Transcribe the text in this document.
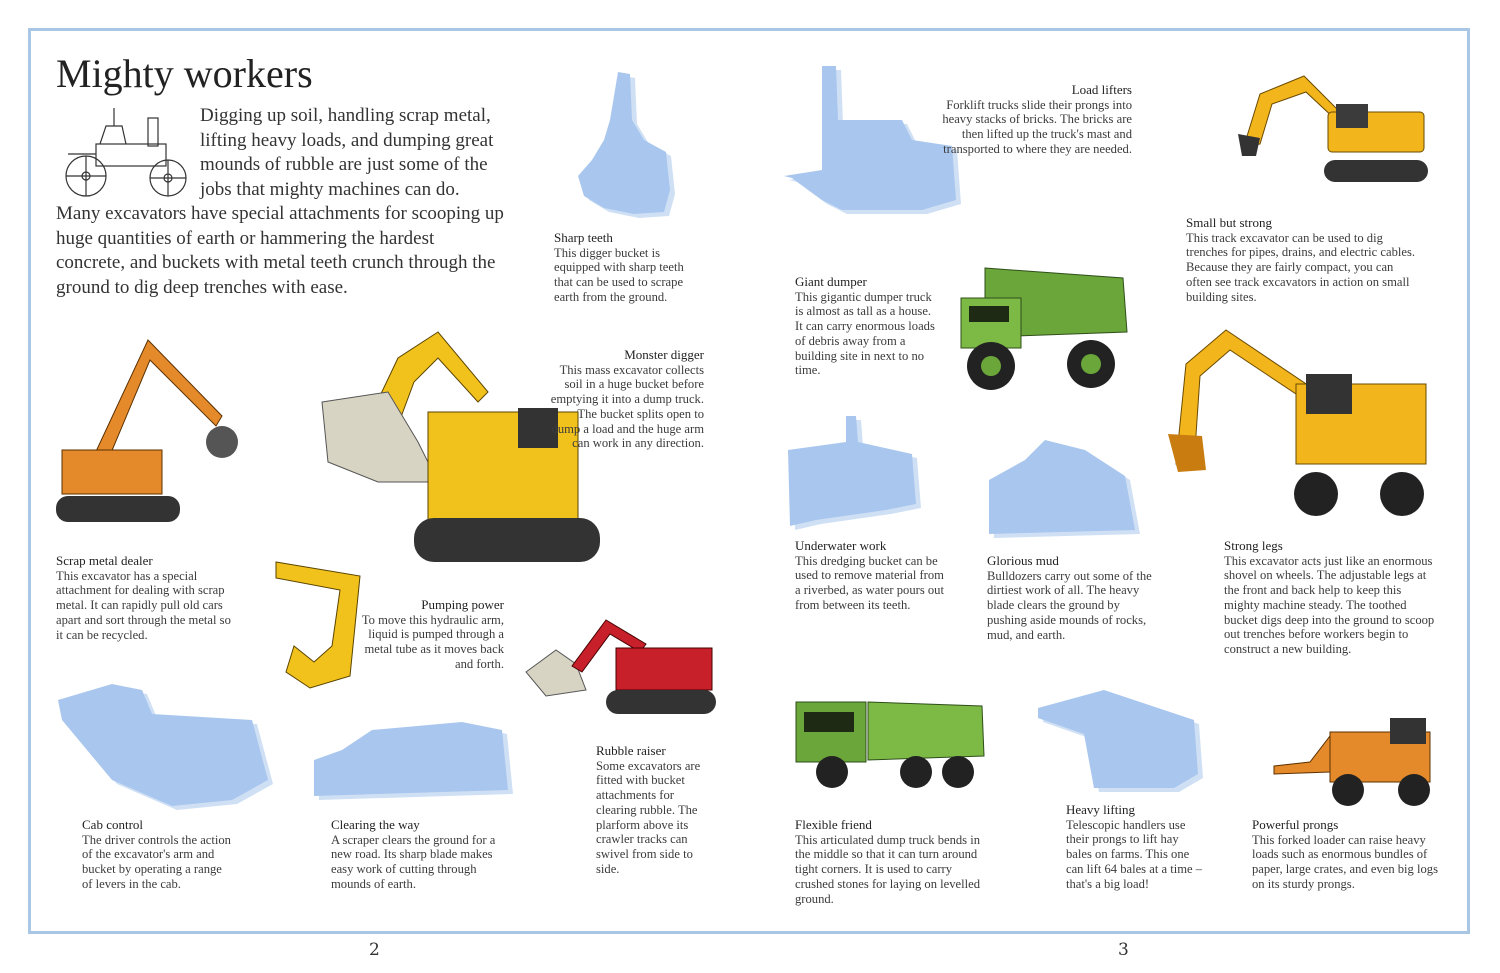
Mighty workers
Digging up soil, handling scrap metal, lifting heavy loads, and dumping great mounds of rubble are just some of the jobs that mighty machines can do. Many excavators have special attachments for scooping up huge quantities of earth or hammering the hardest concrete, and buckets with metal teeth crunch through the ground to dig deep trenches with ease.
Sharp teeth
This digger bucket is equipped with sharp teeth that can be used to scrape earth from the ground.
Load lifters
Forklift trucks slide their prongs into heavy stacks of bricks. The bricks are then lifted up the truck's mast and transported to where they are needed.
Small but strong
This track excavator can be used to dig trenches for pipes, drains, and electric cables. Because they are fairly compact, you can often see track excavators in action on small building sites.
Giant dumper
This gigantic dumper truck is almost as tall as a house. It can carry enormous loads of debris away from a building site in next to no time.
Monster digger
This mass excavator collects soil in a huge bucket before emptying it into a dump truck. The bucket splits open to dump a load and the huge arm can work in any direction.
Scrap metal dealer
This excavator has a special attachment for dealing with scrap metal. It can rapidly pull old cars apart and sort through the metal so it can be recycled.
Pumping power
To move this hydraulic arm, liquid is pumped through a metal tube as it moves back and forth.
Rubble raiser
Some excavators are fitted with bucket attachments for clearing rubble. The plarform above its crawler tracks can swivel from side to side.
Underwater work
This dredging bucket can be used to remove material from a riverbed, as water pours out from between its teeth.
Glorious mud
Bulldozers carry out some of the dirtiest work of all. The heavy blade clears the ground by pushing aside mounds of rocks, mud, and earth.
Strong legs
This excavator acts just like an enormous shovel on wheels. The adjustable legs at the front and back help to keep this mighty machine steady. The toothed bucket digs deep into the ground to scoop out trenches before workers begin to construct a new building.
Cab control
The driver controls the action of the excavator's arm and bucket by operating a range of levers in the cab.
Clearing the way
A scraper clears the ground for a new road. Its sharp blade makes easy work of cutting through mounds of earth.
Flexible friend
This articulated dump truck bends in the middle so that it can turn around tight corners. It is used to carry crushed stones for laying on levelled ground.
Heavy lifting
Telescopic handlers use their prongs to lift hay bales on farms. This one can lift 64 bales at a time – that's a big load!
Powerful prongs
This forked loader can raise heavy loads such as enormous bundles of paper, large crates, and even big logs on its sturdy prongs.
2	3
